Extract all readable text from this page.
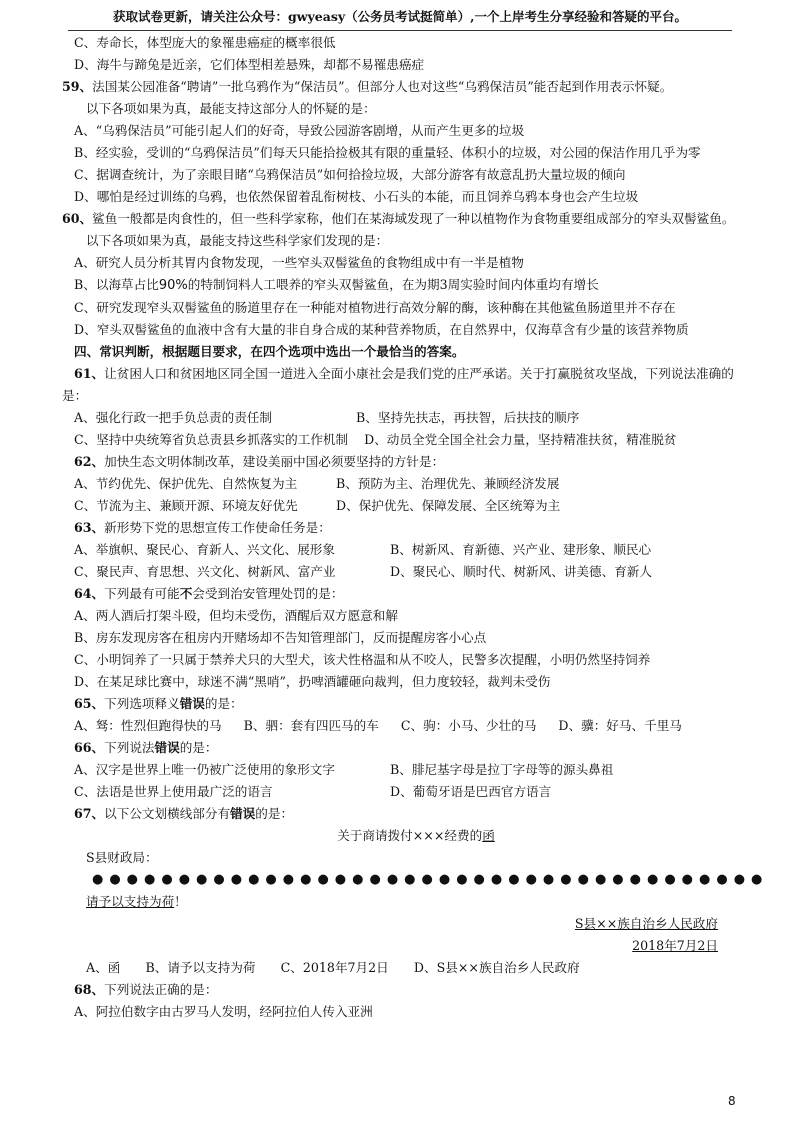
获取试卷更新，请关注公众号：gwyeasy（公务员考试挺简单）,一个上岸考生分享经验和答疑的平台。
C、寿命长，体型庞大的象罹患癌症的概率很低
D、海牛与蹄兔是近亲，它们体型相差悬殊，却都不易罹患癌症
59、法国某公园准备“聘请”一批乌鸦作为“保洁员”。但部分人也对这些“乌鸦保洁员”能否起到作用表示怀疑。
以下各项如果为真，最能支持这部分人的怀疑的是：
A、“乌鸦保洁员”可能引起人们的好奇，导致公园游客剧增，从而产生更多的垃圾
B、经实验，受训的“乌鸦保洁员”们每天只能拾捡极其有限的重量轻、体积小的垃圾，对公园的保洁作用几乎为零
C、据调查统计，为了亲眼目睹“乌鸦保洁员”如何拾捡垃圾，大部分游客有故意乱扔大量垃圾的倾向
D、哪怕是经过训练的乌鸦，也依然保留着乱衔树枝、小石头的本能，而且饲养乌鸦本身也会产生垃圾
60、鲨鱼一般都是肉食性的，但一些科学家称，他们在某海域发现了一种以植物作为食物重要组成部分的窄头双髻鲨鱼。
以下各项如果为真，最能支持这些科学家们发现的是：
A、研究人员分析其胃内食物发现，一些窄头双髻鲨鱼的食物组成中有一半是植物
B、以海草占比90%的特制饲料人工喂养的窄头双髻鲨鱼，在为期3周实验时间内体重均有增长
C、研究发现窄头双髻鲨鱼的肠道里存在一种能对植物进行高效分解的酶，该种酶在其他鲨鱼肠道里并不存在
D、窄头双髻鲨鱼的血液中含有大量的非自身合成的某种营养物质，在自然界中，仅海草含有少量的该营养物质
四、常识判断，根据题目要求，在四个选项中选出一个最恰当的答案。
61、让贫困人口和贫困地区同全国一道进入全面小康社会是我们党的庄严承诺。关于打赢脱贫攻坚战，下列说法准确的是：
A、强化行政一把手负总责的责任制	B、坚持先扶志，再扶智，后扶技的顺序
C、坚持中央统筹省负总责县乡抓落实的工作机制 D、动员全党全国全社会力量，坚持精准扶贫，精准脱贫
62、加快生态文明体制改革，建设美丽中国必须要坚持的方针是：
A、节约优先、保护优先、自然恢复为主	B、预防为主、治理优先、兼顾经济发展
C、节流为主、兼顾开源、环境友好优先	D、保护优先、保障发展、全区统筹为主
63、新形势下党的思想宣传工作使命任务是：
A、举旗帜、聚民心、育新人、兴文化、展形象	B、树新风、育新德、兴产业、建形象、顺民心
C、聚民声、育思想、兴文化、树新风、富产业	D、聚民心、顺时代、树新风、讲美德、育新人
64、下列最有可能不会受到治安管理处罚的是：
A、两人酒后打架斗殴，但均未受伤，酒醒后双方愿意和解
B、房东发现房客在租房内开赌场却不告知管理部门，反而提醒房客小心点
C、小明饲养了一只属于禁养犬只的大型犬，该犬性格温和从不咬人，民警多次提醒，小明仍然坚持饲养
D、在某足球比赛中，球迷不满“黑哨”，扔啤酒罐砸向裁判，但力度较轻，裁判未受伤
65、下列选项释义错误的是：
A、驽：性烈但跑得快的马 B、驷：套有四匹马的车 C、驹：小马、少壮的马 D、骥：好马、千里马
66、下列说法错误的是：
A、汉字是世界上唯一仍被广泛使用的象形文字	B、腓尼基字母是拉丁字母等的源头鼻祖
C、法语是世界上使用最广泛的语言	D、葡萄牙语是巴西官方语言
67、以下公文划横线部分有错误的是：
关于商请拨付×××经费的函
S县财政局：
●●●●●●●●●●●●●●●●●●●●●●●●●●●●●●●●●●●●●●●
请予以支持为荷！
S县××族自治乡人民政府
2018年7月2日
A、函　　B、请予以支持为荷　　C、2018年7月2日　　D、S县××族自治乡人民政府
68、下列说法正确的是：
A、阿拉伯数字由古罗马人发明，经阿拉伯人传入亚洲
8
